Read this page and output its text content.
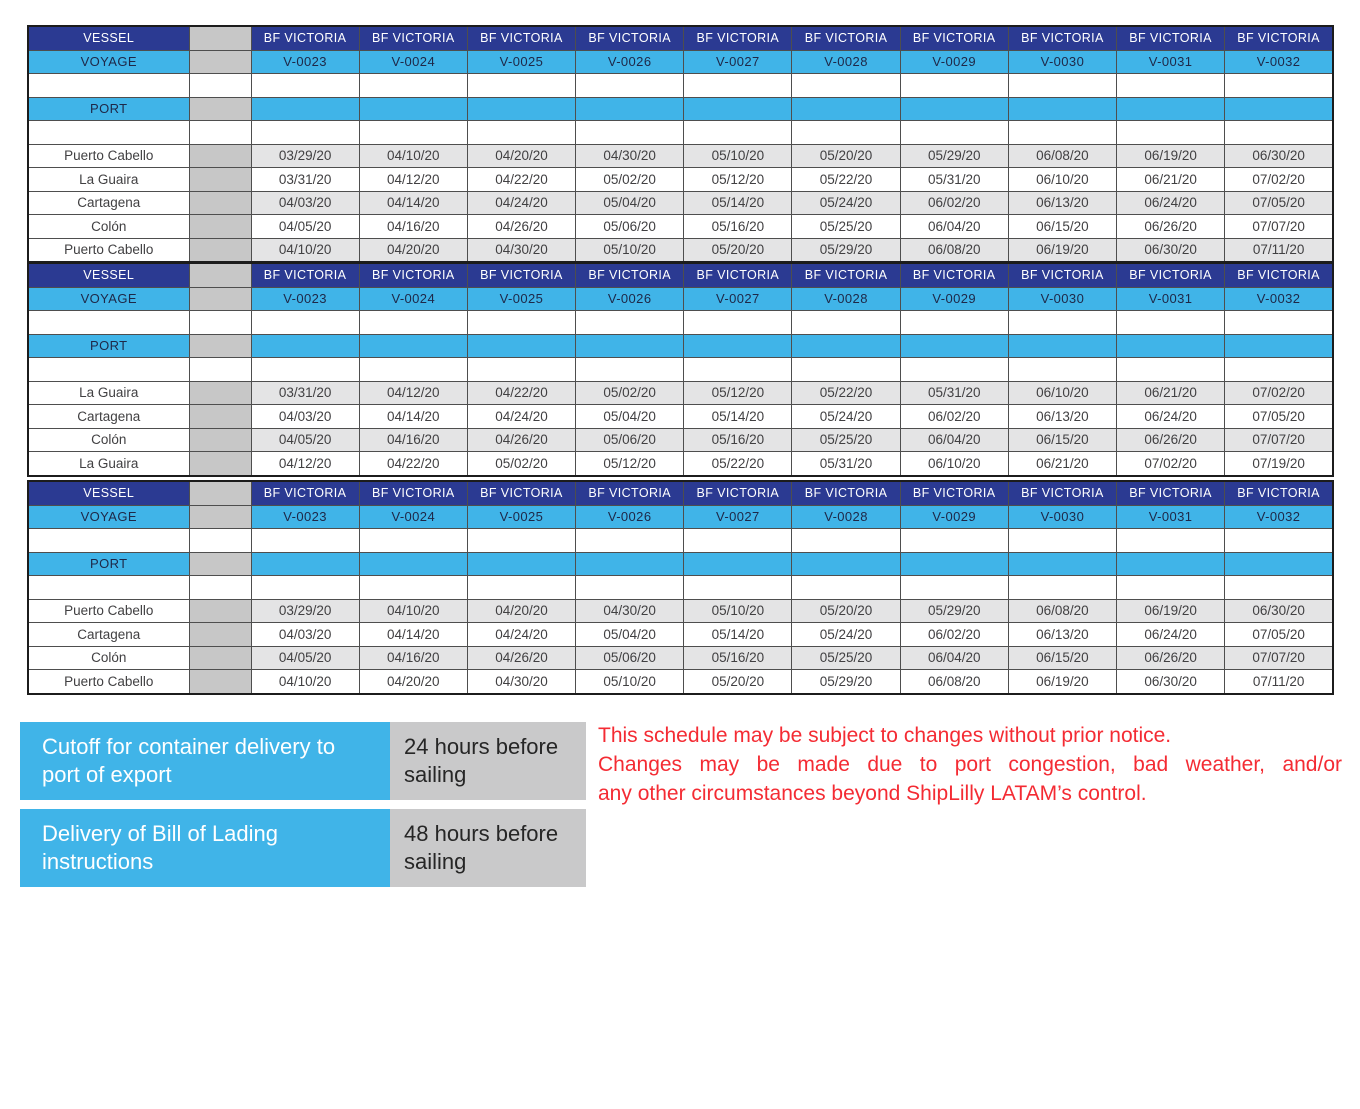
VESSEL		BF VICTORIA	BF VICTORIA	BF VICTORIA	BF VICTORIA	BF VICTORIA	BF VICTORIA	BF VICTORIA	BF VICTORIA	BF VICTORIA	BF VICTORIA
VOYAGE		V-0023	V-0024	V-0025	V-0026	V-0027	V-0028	V-0029	V-0030	V-0031	V-0032

PORT											

Puerto Cabello		03/29/20	04/10/20	04/20/20	04/30/20	05/10/20	05/20/20	05/29/20	06/08/20	06/19/20	06/30/20
La Guaira		03/31/20	04/12/20	04/22/20	05/02/20	05/12/20	05/22/20	05/31/20	06/10/20	06/21/20	07/02/20
Cartagena		04/03/20	04/14/20	04/24/20	05/04/20	05/14/20	05/24/20	06/02/20	06/13/20	06/24/20	07/05/20
Colón		04/05/20	04/16/20	04/26/20	05/06/20	05/16/20	05/25/20	06/04/20	06/15/20	06/26/20	07/07/20
Puerto Cabello		04/10/20	04/20/20	04/30/20	05/10/20	05/20/20	05/29/20	06/08/20	06/19/20	06/30/20	07/11/20
VESSEL		BF VICTORIA	BF VICTORIA	BF VICTORIA	BF VICTORIA	BF VICTORIA	BF VICTORIA	BF VICTORIA	BF VICTORIA	BF VICTORIA	BF VICTORIA
VOYAGE		V-0023	V-0024	V-0025	V-0026	V-0027	V-0028	V-0029	V-0030	V-0031	V-0032

PORT											

La Guaira		03/31/20	04/12/20	04/22/20	05/02/20	05/12/20	05/22/20	05/31/20	06/10/20	06/21/20	07/02/20
Cartagena		04/03/20	04/14/20	04/24/20	05/04/20	05/14/20	05/24/20	06/02/20	06/13/20	06/24/20	07/05/20
Colón		04/05/20	04/16/20	04/26/20	05/06/20	05/16/20	05/25/20	06/04/20	06/15/20	06/26/20	07/07/20
La Guaira		04/12/20	04/22/20	05/02/20	05/12/20	05/22/20	05/31/20	06/10/20	06/21/20	07/02/20	07/19/20
VESSEL		BF VICTORIA	BF VICTORIA	BF VICTORIA	BF VICTORIA	BF VICTORIA	BF VICTORIA	BF VICTORIA	BF VICTORIA	BF VICTORIA	BF VICTORIA
VOYAGE		V-0023	V-0024	V-0025	V-0026	V-0027	V-0028	V-0029	V-0030	V-0031	V-0032

PORT											

Puerto Cabello		03/29/20	04/10/20	04/20/20	04/30/20	05/10/20	05/20/20	05/29/20	06/08/20	06/19/20	06/30/20
Cartagena		04/03/20	04/14/20	04/24/20	05/04/20	05/14/20	05/24/20	06/02/20	06/13/20	06/24/20	07/05/20
Colón		04/05/20	04/16/20	04/26/20	05/06/20	05/16/20	05/25/20	06/04/20	06/15/20	06/26/20	07/07/20
Puerto Cabello		04/10/20	04/20/20	04/30/20	05/10/20	05/20/20	05/29/20	06/08/20	06/19/20	06/30/20	07/11/20
Cutoff for container delivery to port of export
24 hours before sailing
Delivery of Bill of Lading instructions
48 hours before sailing
This schedule may be subject to changes without prior notice.
Changes may be made due to port congestion, bad weather, and/or
any other circumstances beyond ShipLilly LATAM’s control.
